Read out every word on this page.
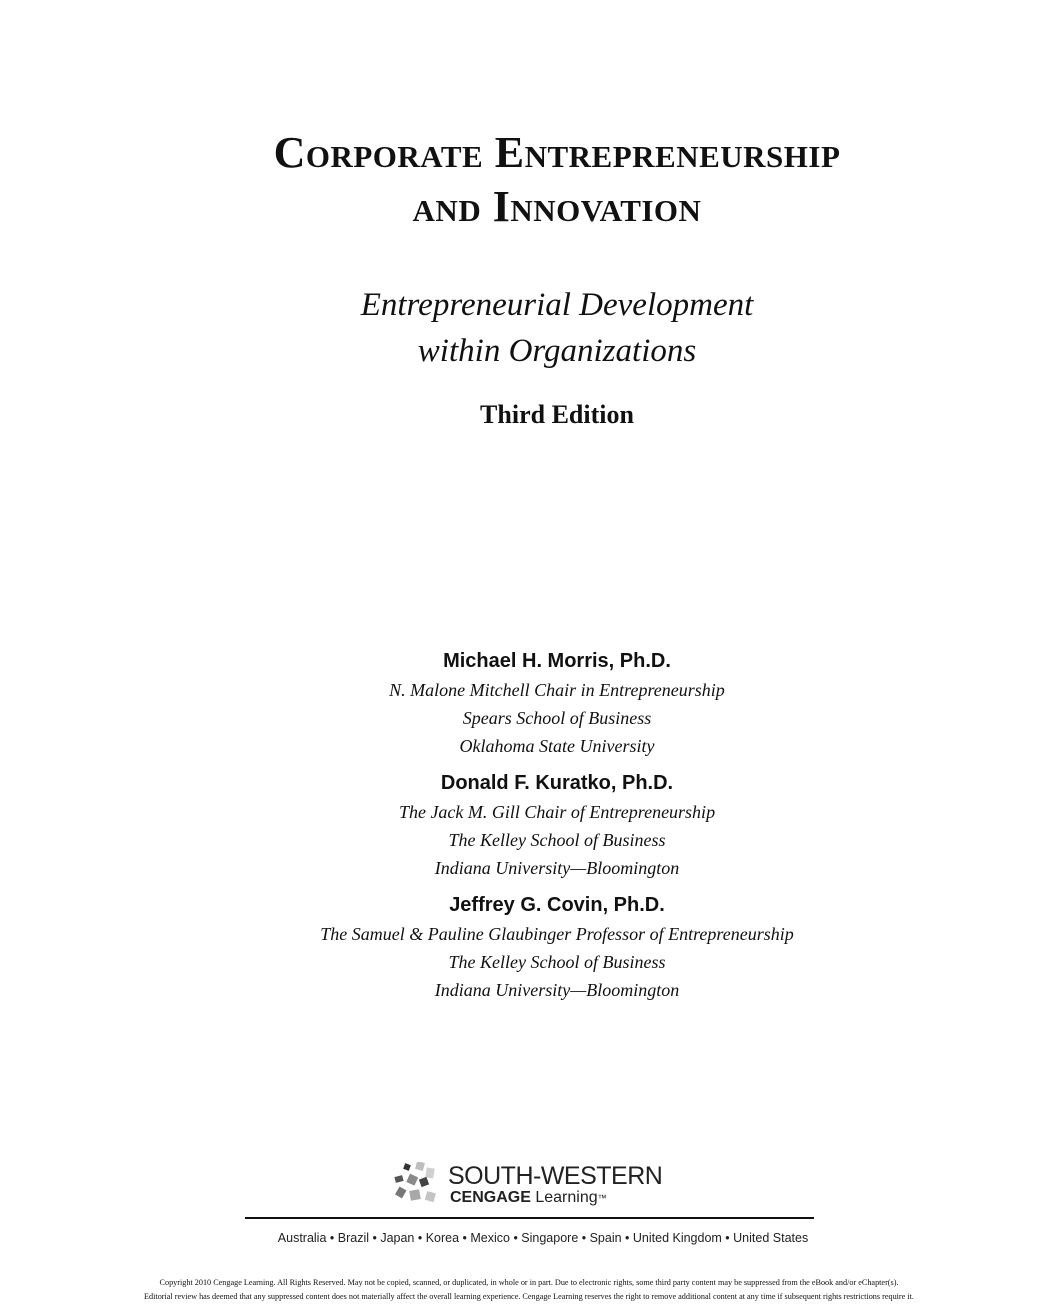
Corporate Entrepreneurship
and Innovation
Entrepreneurial Development
within Organizations
Third Edition
Michael H. Morris, Ph.D.
N. Malone Mitchell Chair in Entrepreneurship
Spears School of Business
Oklahoma State University
Donald F. Kuratko, Ph.D.
The Jack M. Gill Chair of Entrepreneurship
The Kelley School of Business
Indiana University—Bloomington
Jeffrey G. Covin, Ph.D.
The Samuel & Pauline Glaubinger Professor of Entrepreneurship
The Kelley School of Business
Indiana University—Bloomington
SOUTH-WESTERN
CENGAGE Learning™
Australia • Brazil • Japan • Korea • Mexico • Singapore • Spain • United Kingdom • United States
Copyright 2010 Cengage Learning. All Rights Reserved. May not be copied, scanned, or duplicated, in whole or in part. Due to electronic rights, some third party content may be suppressed from the eBook and/or eChapter(s).
Editorial review has deemed that any suppressed content does not materially affect the overall learning experience. Cengage Learning reserves the right to remove additional content at any time if subsequent rights restrictions require it.
